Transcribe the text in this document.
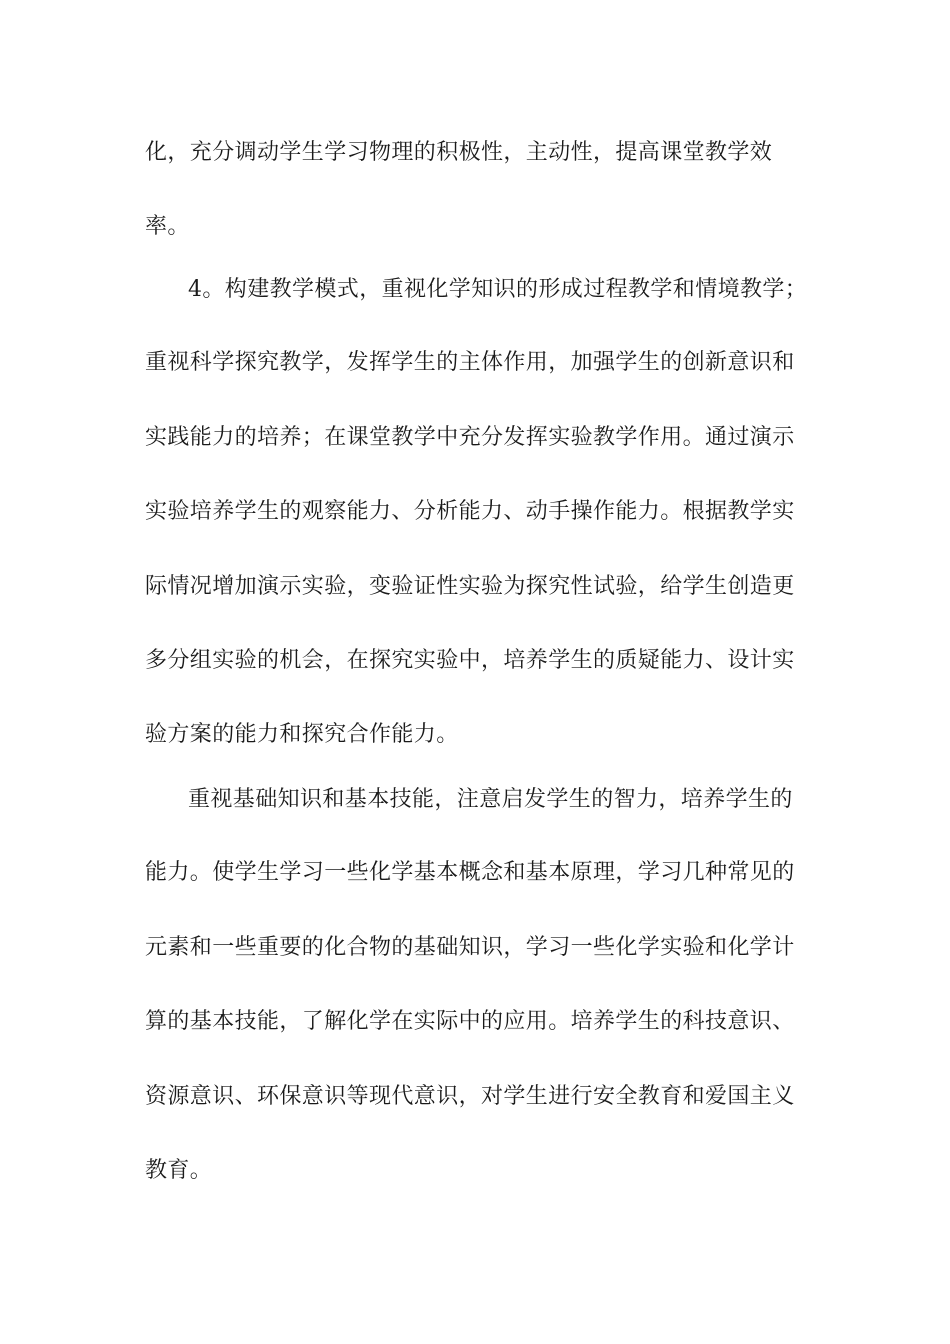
化，充分调动学生学习物理的积极性，主动性，提高课堂教学效
率。
4。构建教学模式，重视化学知识的形成过程教学和情境教学；
重视科学探究教学，发挥学生的主体作用，加强学生的创新意识和
实践能力的培养；在课堂教学中充分发挥实验教学作用。通过演示
实验培养学生的观察能力、分析能力、动手操作能力。根据教学实
际情况增加演示实验，变验证性实验为探究性试验，给学生创造更
多分组实验的机会，在探究实验中，培养学生的质疑能力、设计实
验方案的能力和探究合作能力。
重视基础知识和基本技能，注意启发学生的智力，培养学生的
能力。使学生学习一些化学基本概念和基本原理，学习几种常见的
元素和一些重要的化合物的基础知识，学习一些化学实验和化学计
算的基本技能，了解化学在实际中的应用。培养学生的科技意识、
资源意识、环保意识等现代意识，对学生进行安全教育和爱国主义
教育。
